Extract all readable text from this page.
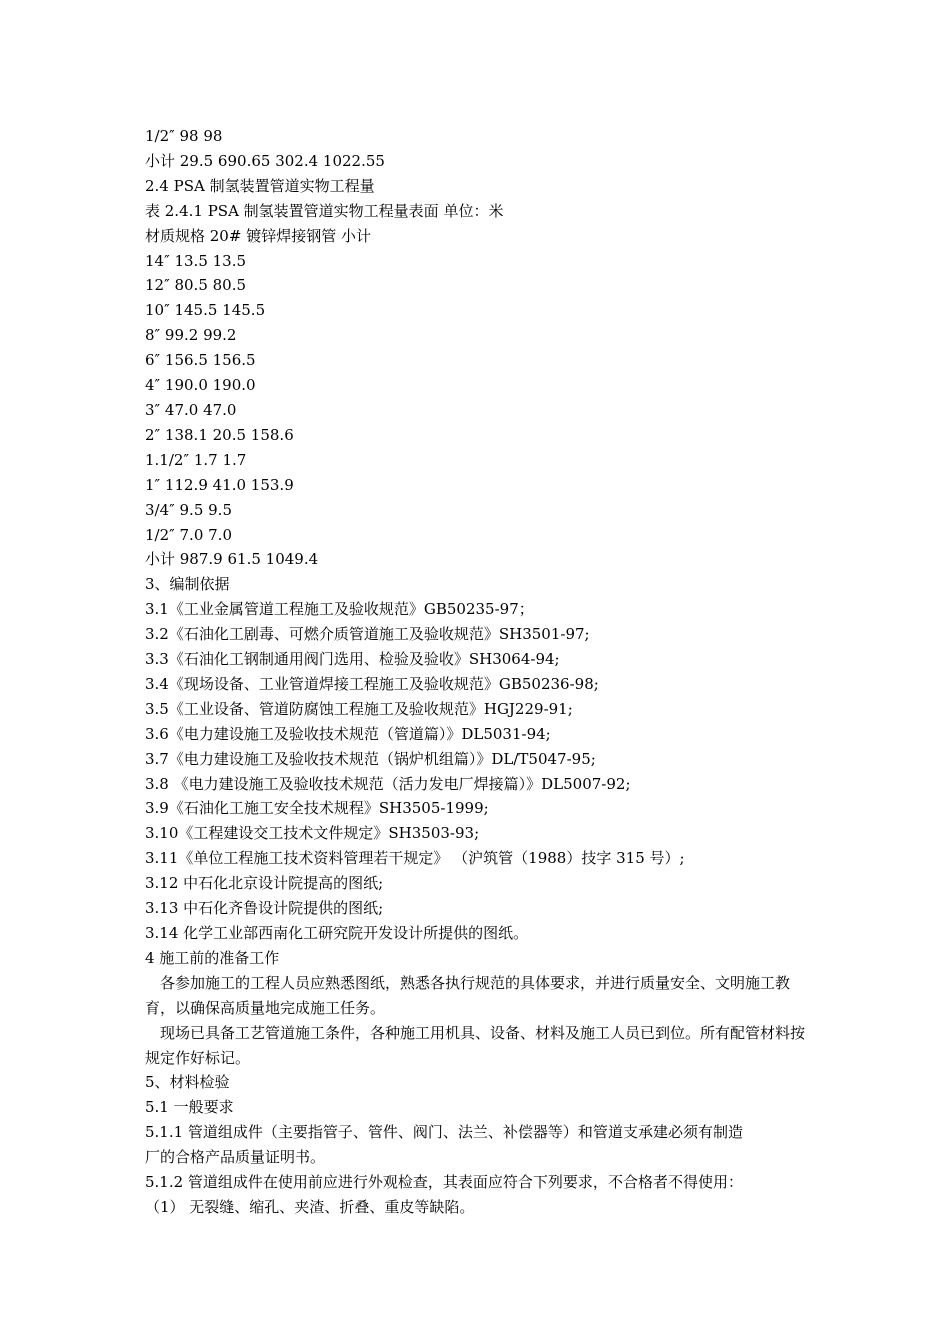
1/2″ 98 98

小计 29.5 690.65 302.4 1022.55

2.4 PSA 制氢装置管道实物工程量

表 2.4.1 PSA 制氢装置管道实物工程量表面 单位：米

材质规格 20# 镀锌焊接钢管 小计

14″ 13.5 13.5

12″ 80.5 80.5

10″ 145.5 145.5

8″ 99.2 99.2

6″ 156.5 156.5

4″ 190.0 190.0

3″ 47.0 47.0

2″ 138.1 20.5 158.6

1.1/2″ 1.7 1.7

1″ 112.9 41.0 153.9

3/4″ 9.5 9.5

1/2″ 7.0 7.0

小计 987.9 61.5 1049.4

3、编制依据

3.1《工业金属管道工程施工及验收规范》GB50235-97；

3.2《石油化工剧毒、可燃介质管道施工及验收规范》SH3501-97;

3.3《石油化工钢制通用阀门选用、检验及验收》SH3064-94;

3.4《现场设备、工业管道焊接工程施工及验收规范》GB50236-98;

3.5《工业设备、管道防腐蚀工程施工及验收规范》HGJ229-91;

3.6《电力建设施工及验收技术规范（管道篇）》DL5031-94;

3.7《电力建设施工及验收技术规范（锅炉机组篇）》DL/T5047-95;

3.8 《电力建设施工及验收技术规范（活力发电厂焊接篇）》DL5007-92;

3.9《石油化工施工安全技术规程》SH3505-1999;

3.10《工程建设交工技术文件规定》SH3503-93;

3.11《单位工程施工技术资料管理若干规定》 （沪筑管（1988）技字 315 号）;

3.12 中石化北京设计院提高的图纸;

3.13 中石化齐鲁设计院提供的图纸;

3.14 化学工业部西南化工研究院开发设计所提供的图纸。

4 施工前的准备工作

各参加施工的工程人员应熟悉图纸，熟悉各执行规范的具体要求，并进行质量安全、文明施工教育，以确保高质量地完成施工任务。

现场已具备工艺管道施工条件，各种施工用机具、设备、材料及施工人员已到位。所有配管材料按规定作好标记。

5、材料检验

5.1 一般要求

5.1.1 管道组成件（主要指管子、管件、阀门、法兰、补偿器等）和管道支承建必须有制造

厂的合格产品质量证明书。

5.1.2 管道组成件在使用前应进行外观检查，其表面应符合下列要求，不合格者不得使用：

（1） 无裂缝、缩孔、夹渣、折叠、重皮等缺陷。
